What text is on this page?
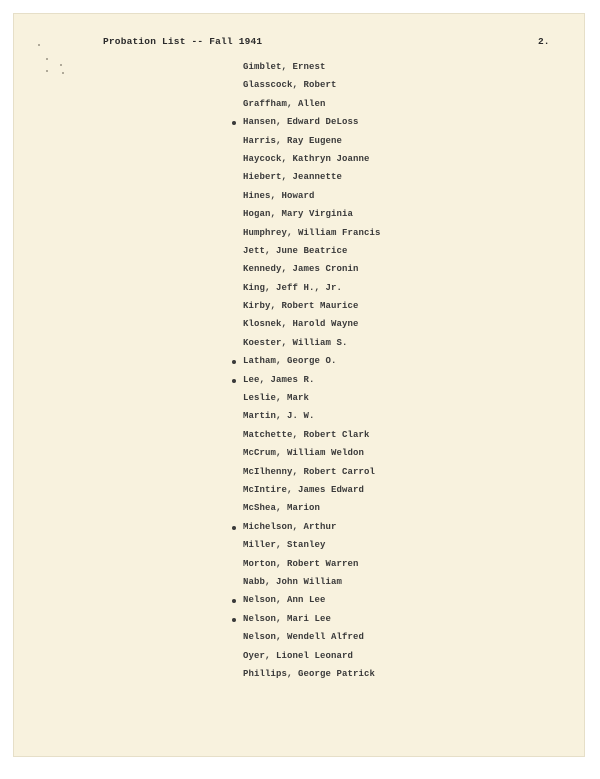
Probation List -- Fall 1941	2.
Gimblet, Ernest
Glasscock, Robert
Graffham, Allen
Hansen, Edward DeLoss
Harris, Ray Eugene
Haycock, Kathryn Joanne
Hiebert, Jeannette
Hines, Howard
Hogan, Mary Virginia
Humphrey, William Francis
Jett, June Beatrice
Kennedy, James Cronin
King, Jeff H., Jr.
Kirby, Robert Maurice
Klosnek, Harold Wayne
Koester, William S.
Latham, George O.
Lee, James R.
Leslie, Mark
Martin, J. W.
Matchette, Robert Clark
McCrum, William Weldon
McIlhenny, Robert Carrol
McIntire, James Edward
McShea, Marion
Michelson, Arthur
Miller, Stanley
Morton, Robert Warren
Nabb, John William
Nelson, Ann Lee
Nelson, Mari Lee
Nelson, Wendell Alfred
Oyer, Lionel Leonard
Phillips, George Patrick
